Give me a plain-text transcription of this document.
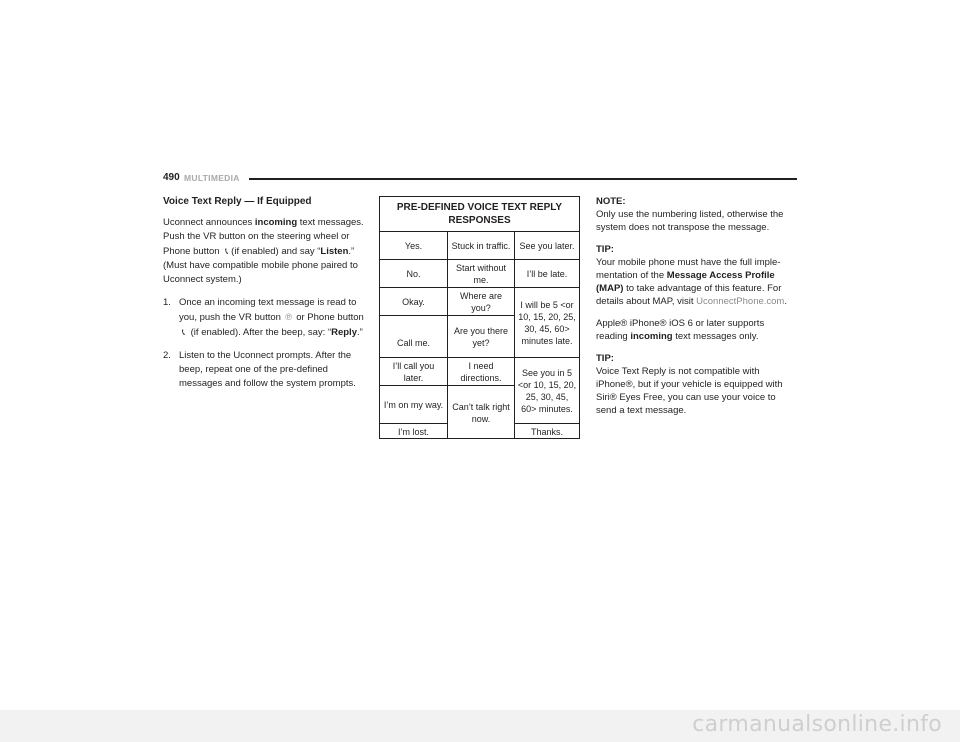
490 MULTIMEDIA
Voice Text Reply — If Equipped

Uconnect announces incoming text messages. Push the VR button on the steering wheel or Phone button 📞︎ (if enabled) and say “Listen.” (Must have compatible mobile phone paired to Uconnect system.)

1. Once an incoming text message is read to you, push the VR button ℗ or Phone button
📞︎ (if enabled). After the beep, say: “Reply.”
2. Listen to the Uconnect prompts. After the beep, repeat one of the pre-defined messages and follow the system prompts.
PRE-DEFINED VOICE TEXT REPLY RESPONSES
Yes.
No.
Okay.
Call me.
I’ll call you later.
I’m on my way.
I’m lost.
Stuck in traffic.
Start without me.
Where are you?
Are you there yet?
I need directions.
Can’t talk right now.
See you later.
I’ll be late.
I will be 5 <or 10, 15, 20, 25, 30, 45, 60> minutes late.
See you in 5 <or 10, 15, 20, 25, 30, 45, 60> minutes.
Thanks.

NOTE:
Only use the numbering listed, otherwise the system does not transpose the message.

TIP:
Your mobile phone must have the full imple-mentation of the Message Access Profile (MAP) to take advantage of this feature. For details about MAP, visit UconnectPhone.com.

Apple® iPhone® iOS 6 or later supports reading incoming text messages only.

TIP:
Voice Text Reply is not compatible with iPhone®, but if your vehicle is equipped with Siri® Eyes Free, you can use your voice to send a text message.

carmanualsonline.info
